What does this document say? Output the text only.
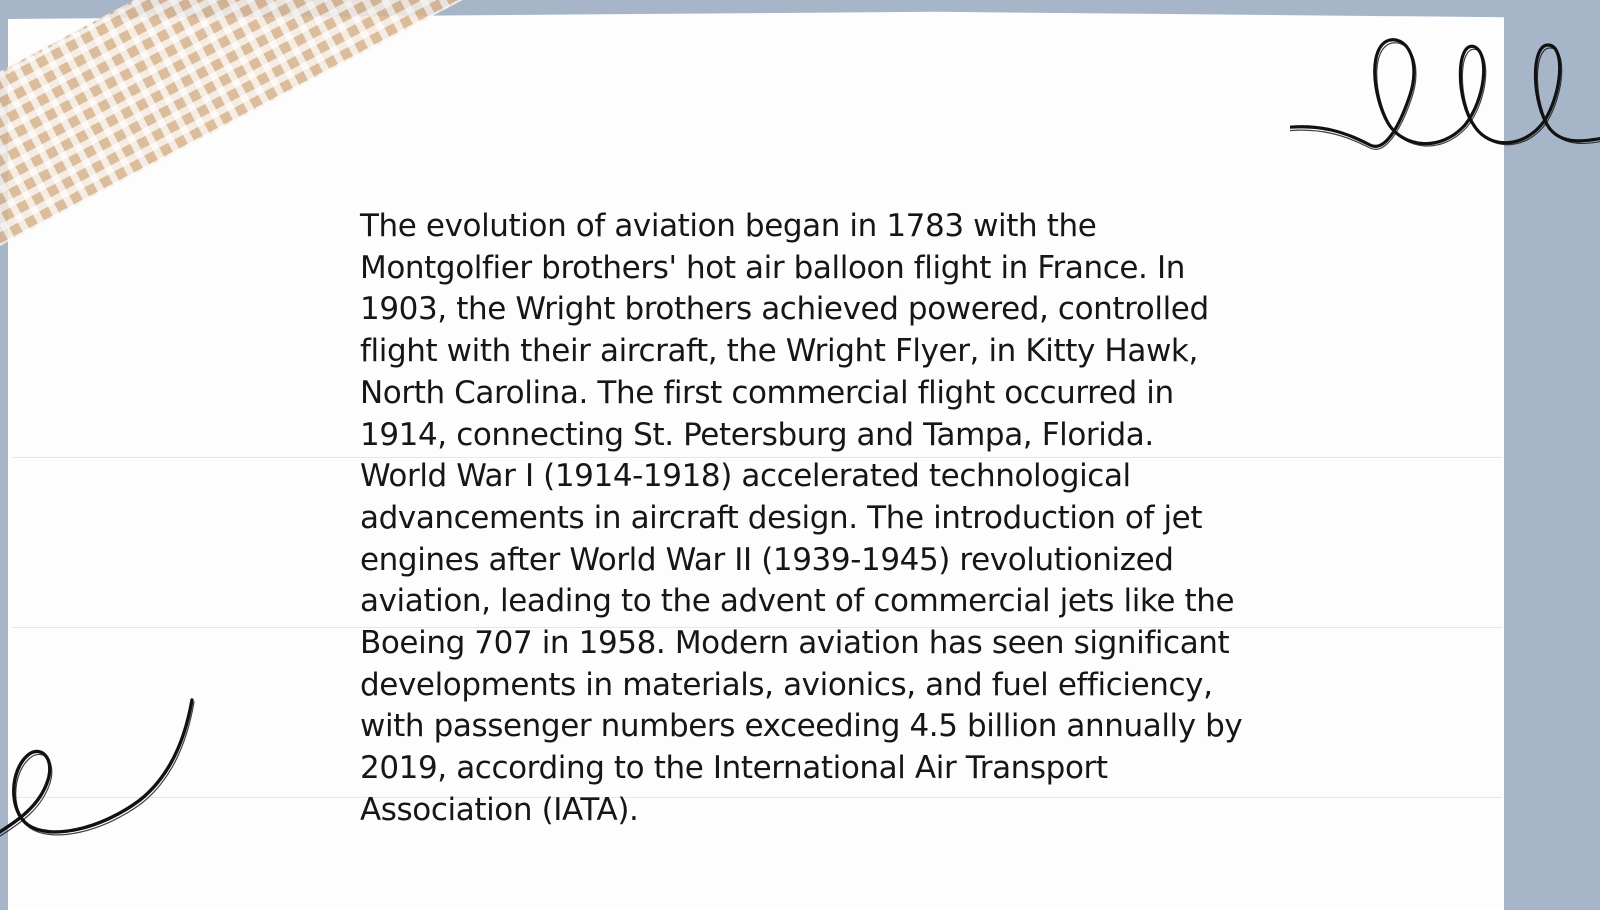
The evolution of aviation began in 1783 with the Montgolfier brothers' hot air balloon flight in France. In 1903, the Wright brothers achieved powered, controlled flight with their aircraft, the Wright Flyer, in Kitty Hawk, North Carolina. The first commercial flight occurred in 1914, connecting St. Petersburg and Tampa, Florida. World War I (1914-1918) accelerated technological advancements in aircraft design. The introduction of jet engines after World War II (1939-1945) revolutionized aviation, leading to the advent of commercial jets like the Boeing 707 in 1958. Modern aviation has seen significant developments in materials, avionics, and fuel efficiency, with passenger numbers exceeding 4.5 billion annually by 2019, according to the International Air Transport Association (IATA).
